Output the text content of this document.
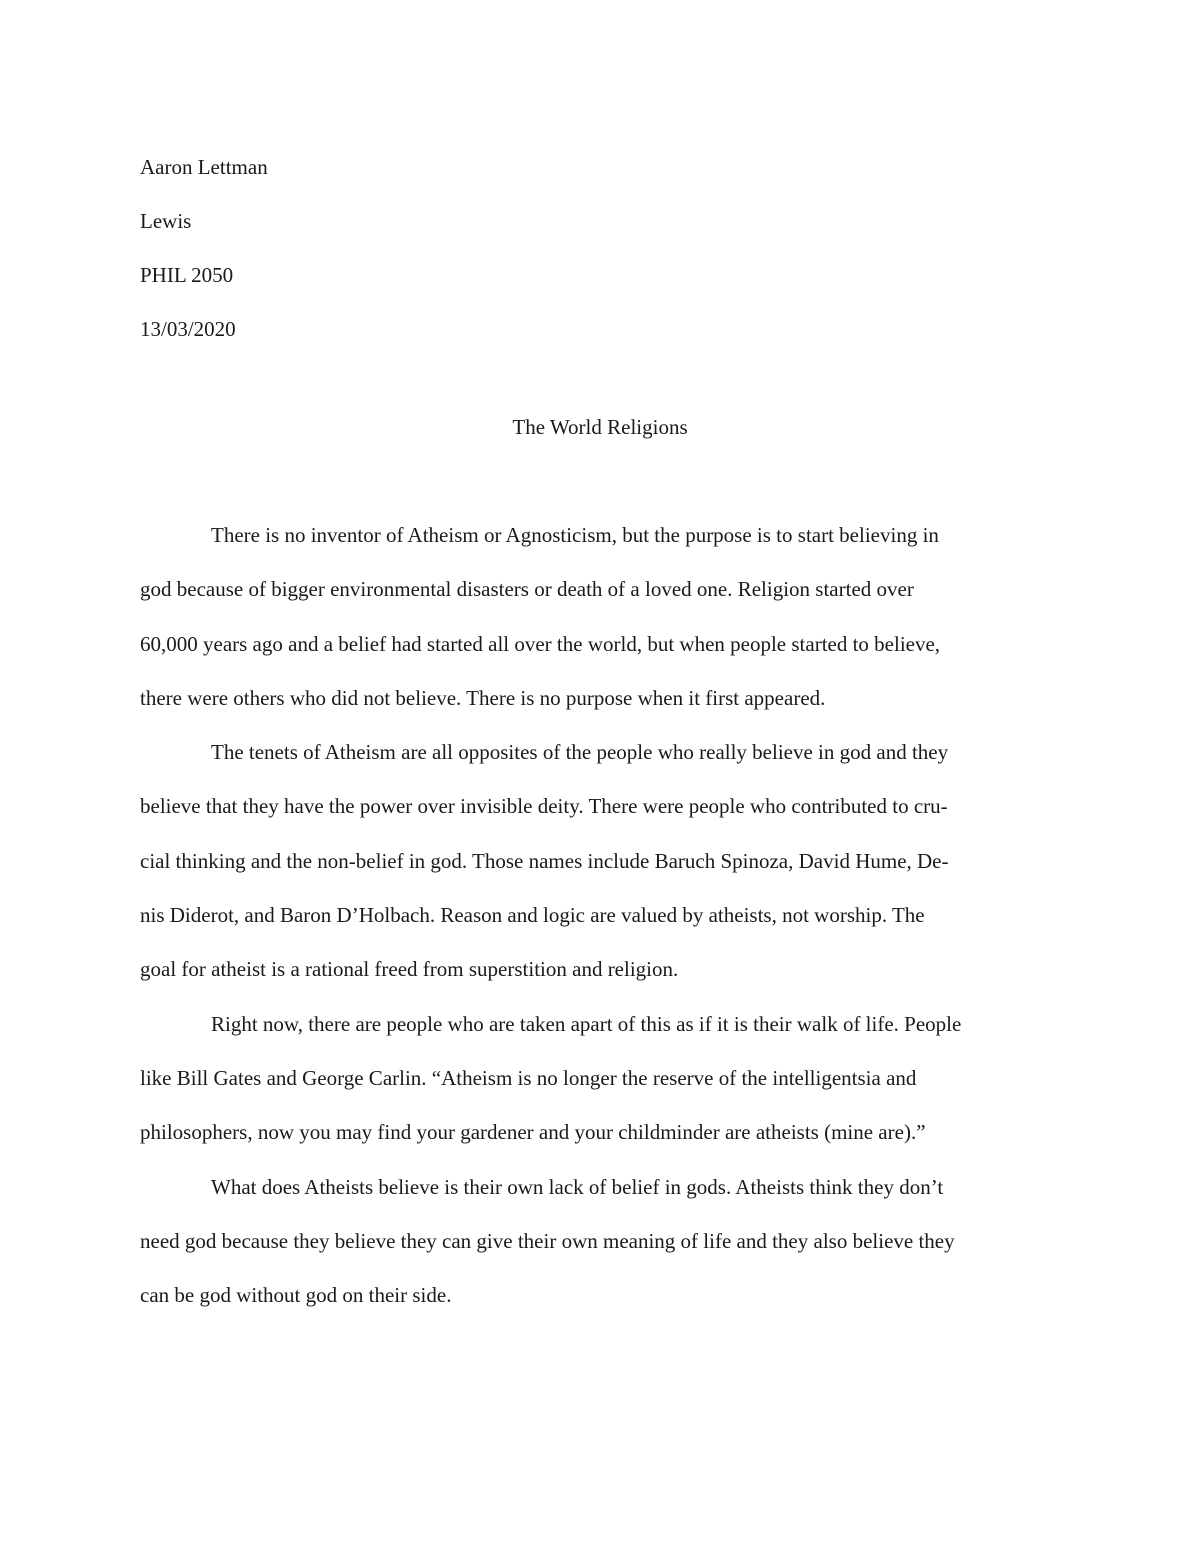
Aaron Lettman
Lewis
PHIL 2050
13/03/2020
The World Religions

There is no inventor of Atheism or Agnosticism, but the purpose is to start believing in
god because of bigger environmental disasters or death of a loved one. Religion started over
60,000 years ago and a belief had started all over the world, but when people started to believe,
there were others who did not believe. There is no purpose when it first appeared.

The tenets of Atheism are all opposites of the people who really believe in god and they
believe that they have the power over invisible deity. There were people who contributed to cru-
cial thinking and the non-belief in god. Those names include Baruch Spinoza, David Hume, De-
nis Diderot, and Baron D’Holbach. Reason and logic are valued by atheists, not worship. The
goal for atheist is a rational freed from superstition and religion.

Right now, there are people who are taken apart of this as if it is their walk of life. People
like Bill Gates and George Carlin. “Atheism is no longer the reserve of the intelligentsia and
philosophers, now you may find your gardener and your childminder are atheists (mine are).”

What does Atheists believe is their own lack of belief in gods. Atheists think they don’t
need god because they believe they can give their own meaning of life and they also believe they
can be god without god on their side.
